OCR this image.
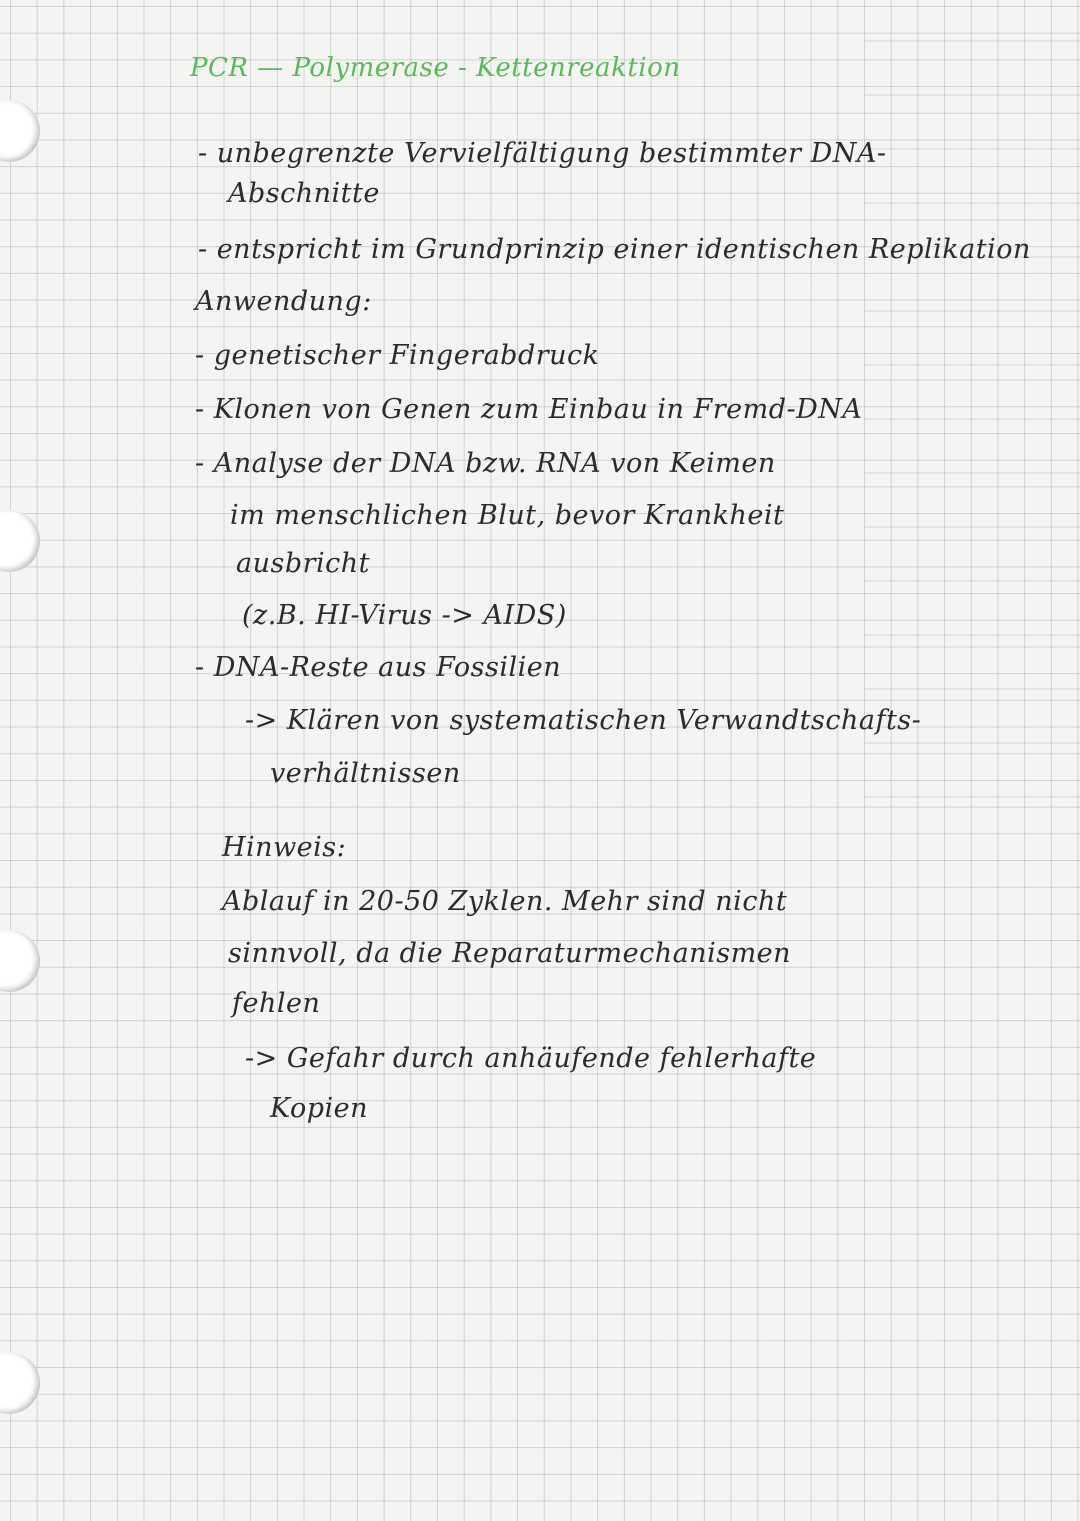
PCR — Polymerase - Kettenreaktion
- unbegrenzte Vervielfältigung bestimmter DNA-
Abschnitte
- entspricht im Grundprinzip einer identischen Replikation
Anwendung:
- genetischer Fingerabdruck
- Klonen von Genen zum Einbau in Fremd-DNA
- Analyse der DNA bzw. RNA von Keimen
im menschlichen Blut, bevor Krankheit
ausbricht
(z.B. HI-Virus -> AIDS)
- DNA-Reste aus Fossilien
-> Klären von systematischen Verwandtschafts-
verhältnissen
Hinweis:
Ablauf in 20-50 Zyklen. Mehr sind nicht
sinnvoll, da die Reparaturmechanismen
fehlen
-> Gefahr durch anhäufende fehlerhafte
Kopien
